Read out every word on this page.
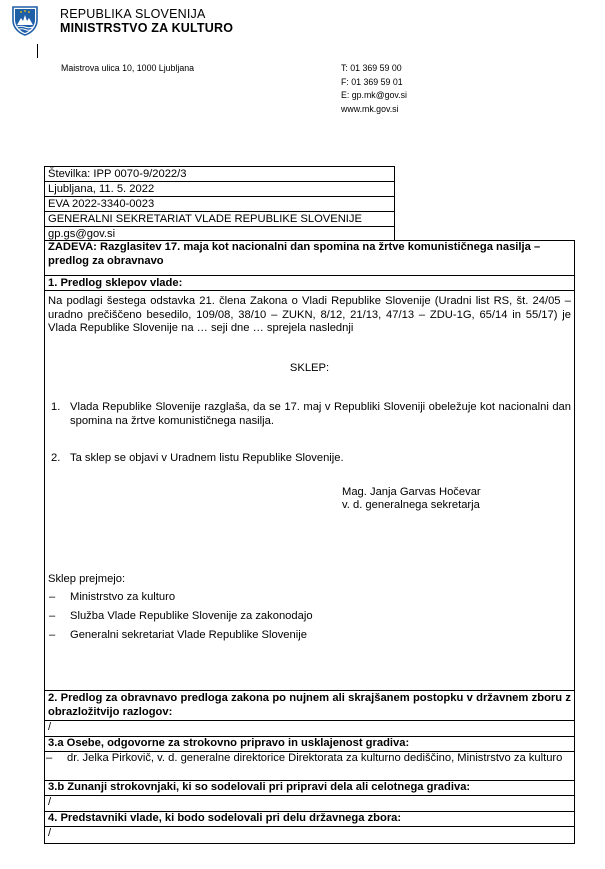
REPUBLIKA SLOVENIJA
MINISTRSTVO ZA KULTURO
Maistrova ulica 10, 1000 Ljubljana	T: 01 369 59 00
F: 01 369 59 01
E: gp.mk@gov.si
www.mk.gov.si
Številka: IPP 0070-9/2022/3
Ljubljana, 11. 5. 2022
EVA 2022-3340-0023
GENERALNI SEKRETARIAT VLADE REPUBLIKE SLOVENIJE
gp.gs@gov.si
ZADEVA: Razglasitev 17. maja kot nacionalni dan spomina na žrtve komunističnega nasilja – predlog za obravnavo
1. Predlog sklepov vlade:
Na podlagi šestega odstavka 21. člena Zakona o Vladi Republike Slovenije (Uradni list RS, št. 24/05 – uradno prečiščeno besedilo, 109/08, 38/10 – ZUKN, 8/12, 21/13, 47/13 – ZDU-1G, 65/14 in 55/17) je Vlada Republike Slovenije na … seji dne … sprejela naslednji
SKLEP:
1. Vlada Republike Slovenije razglaša, da se 17. maj v Republiki Sloveniji obeležuje kot nacionalni dan spomina na žrtve komunističnega nasilja.
2. Ta sklep se objavi v Uradnem listu Republike Slovenije.
Mag. Janja Garvas Hočevar
v. d. generalnega sekretarja
Sklep prejmejo:
– Ministrstvo za kulturo
– Služba Vlade Republike Slovenije za zakonodajo
– Generalni sekretariat Vlade Republike Slovenije
2. Predlog za obravnavo predloga zakona po nujnem ali skrajšanem postopku v državnem zboru z obrazložitvijo razlogov:
/
3.a Osebe, odgovorne za strokovno pripravo in usklajenost gradiva:
– dr. Jelka Pirkovič, v. d. generalne direktorice Direktorata za kulturno dediščino, Ministrstvo za kulturo
3.b Zunanji strokovnjaki, ki so sodelovali pri pripravi dela ali celotnega gradiva:
/
4. Predstavniki vlade, ki bodo sodelovali pri delu državnega zbora:
/
